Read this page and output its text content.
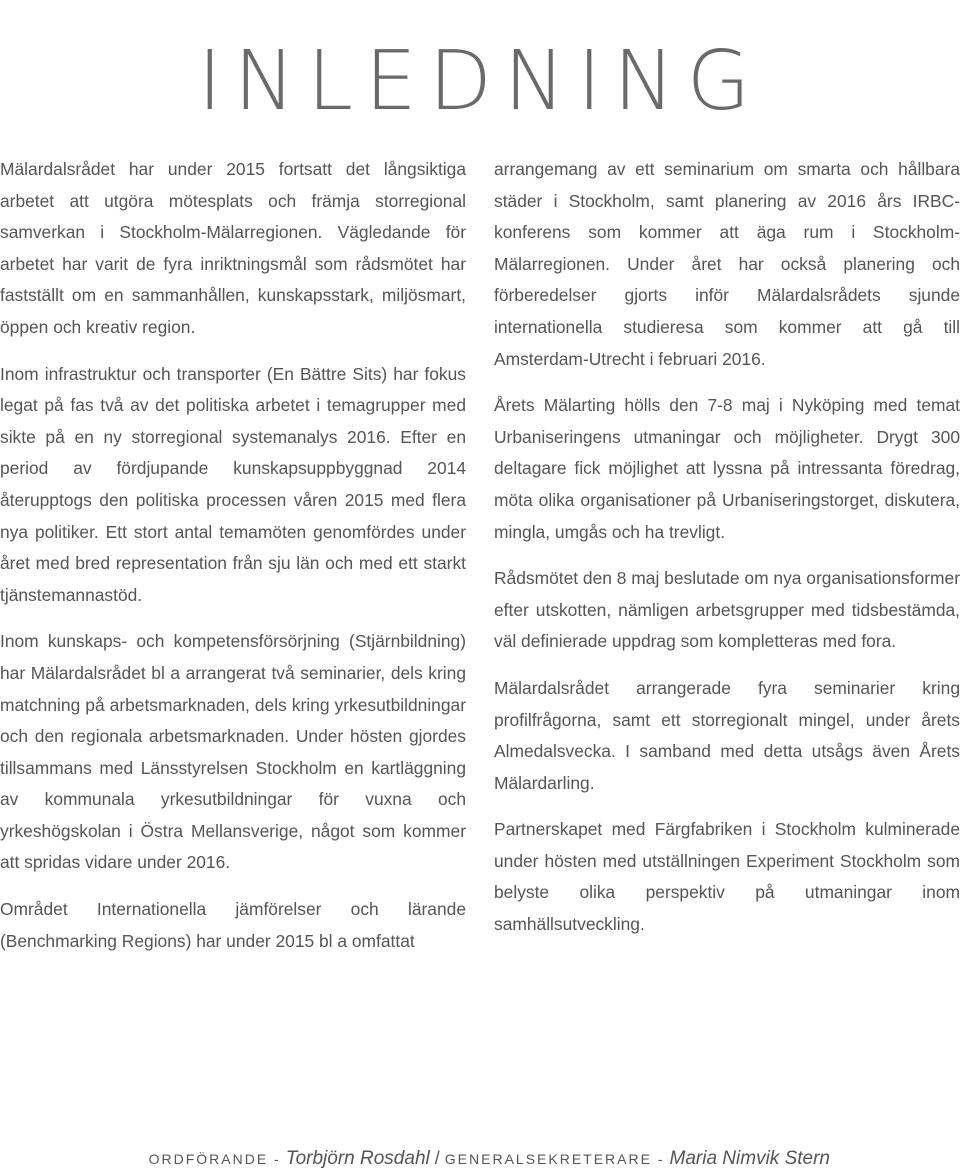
INLEDNING

Mälardalsrådet har under 2015 fortsatt det långsiktiga arbetet att utgöra mötesplats och främja storregional samverkan i Stockholm-Mälarregionen. Vägledande för arbetet har varit de fyra inriktningsmål som rådsmötet har fastställt om en sammanhållen, kunskapsstark, miljösmart, öppen och kreativ region.

Inom infrastruktur och transporter (En Bättre Sits) har fokus legat på fas två av det politiska arbetet i temagrupper med sikte på en ny storregional systemanalys 2016. Efter en period av fördjupande kunskapsuppbyggnad 2014 återupptogs den politiska processen våren 2015 med flera nya politiker. Ett stort antal temamöten genomfördes under året med bred representation från sju län och med ett starkt tjänstemannastöd.

Inom kunskaps- och kompetensförsörjning (Stjärnbildning) har Mälardalsrådet bl a arrangerat två seminarier, dels kring matchning på arbetsmarknaden, dels kring yrkesutbildningar och den regionala arbetsmarknaden. Under hösten gjordes tillsammans med Länsstyrelsen Stockholm en kartläggning av kommunala yrkesutbildningar för vuxna och yrkeshögskolan i Östra Mellansverige, något som kommer att spridas vidare under 2016.

Området Internationella jämförelser och lärande (Benchmarking Regions) har under 2015 bl a omfattat

arrangemang av ett seminarium om smarta och hållbara städer i Stockholm, samt planering av 2016 års IRBC-konferens som kommer att äga rum i Stockholm-Mälarregionen. Under året har också planering och förberedelser gjorts inför Mälardalsrådets sjunde internationella studieresa som kommer att gå till Amsterdam-Utrecht i februari 2016.

Årets Mälarting hölls den 7-8 maj i Nyköping med temat Urbaniseringens utmaningar och möjligheter. Drygt 300 deltagare fick möjlighet att lyssna på intressanta föredrag, möta olika organisationer på Urbaniseringstorget, diskutera, mingla, umgås och ha trevligt.

Rådsmötet den 8 maj beslutade om nya organisationsformer efter utskotten, nämligen arbetsgrupper med tidsbestämda, väl definierade uppdrag som kompletteras med fora.

Mälardalsrådet arrangerade fyra seminarier kring profilfrågorna, samt ett storregionalt mingel, under årets Almedalsvecka. I samband med detta utsågs även Årets Mälardarling.

Partnerskapet med Färgfabriken i Stockholm kulminerade under hösten med utställningen Experiment Stockholm som belyste olika perspektiv på utmaningar inom samhällsutveckling.

ORDFÖRANDE - Torbjörn Rosdahl / GENERALSEKRETERARE - Maria Nimvik Stern
